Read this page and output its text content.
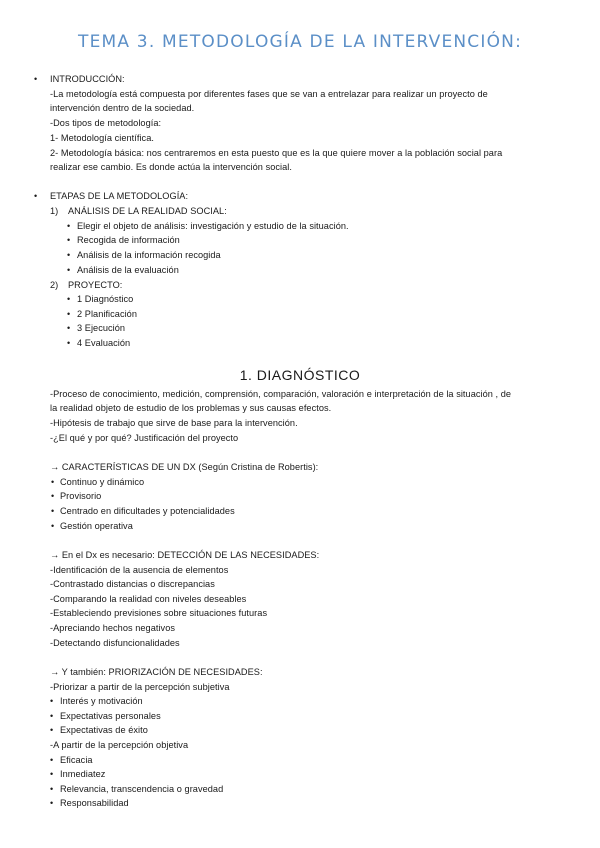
TEMA 3. METODOLOGÍA DE LA INTERVENCIÓN:
• INTRODUCCIÓN:
-La metodología está compuesta por diferentes fases que se van a entrelazar para realizar un proyecto de
intervención dentro de la sociedad.
-Dos tipos de metodología:
1- Metodología científica.
2- Metodología básica: nos centraremos en esta puesto que es la que quiere mover a la población social para
realizar ese cambio. Es donde actúa la intervención social.
• ETAPAS DE LA METODOLOGÍA:
1) ANÁLISIS DE LA REALIDAD SOCIAL:
• Elegir el objeto de análisis: investigación y estudio de la situación.
• Recogida de información
• Análisis de la información recogida
• Análisis de la evaluación
2) PROYECTO:
• 1 Diagnóstico
• 2 Planificación
• 3 Ejecución
• 4 Evaluación
1. DIAGNÓSTICO
-Proceso de conocimiento, medición, comprensión, comparación, valoración e interpretación de la situación , de
la realidad objeto de estudio de los problemas y sus causas efectos.
-Hipótesis de trabajo que sirve de base para la intervención.
-¿El qué y por qué? Justificación del proyecto
→ CARACTERÍSTICAS DE UN DX (Según Cristina de Robertis):
• Continuo y dinámico
• Provisorio
• Centrado en dificultades y potencialidades
• Gestión operativa
→ En el Dx es necesario: DETECCIÓN DE LAS NECESIDADES:
-Identificación de la ausencia de elementos
-Contrastado distancias o discrepancias
-Comparando la realidad con niveles deseables
-Estableciendo previsiones sobre situaciones futuras
-Apreciando hechos negativos
-Detectando disfuncionalidades
→ Y también: PRIORIZACIÓN DE NECESIDADES:
-Priorizar a partir de la percepción subjetiva
• Interés y motivación
• Expectativas personales
• Expectativas de éxito
-A partir de la percepción objetiva
• Eficacia
• Inmediatez
• Relevancia, transcendencia o gravedad
• Responsabilidad
